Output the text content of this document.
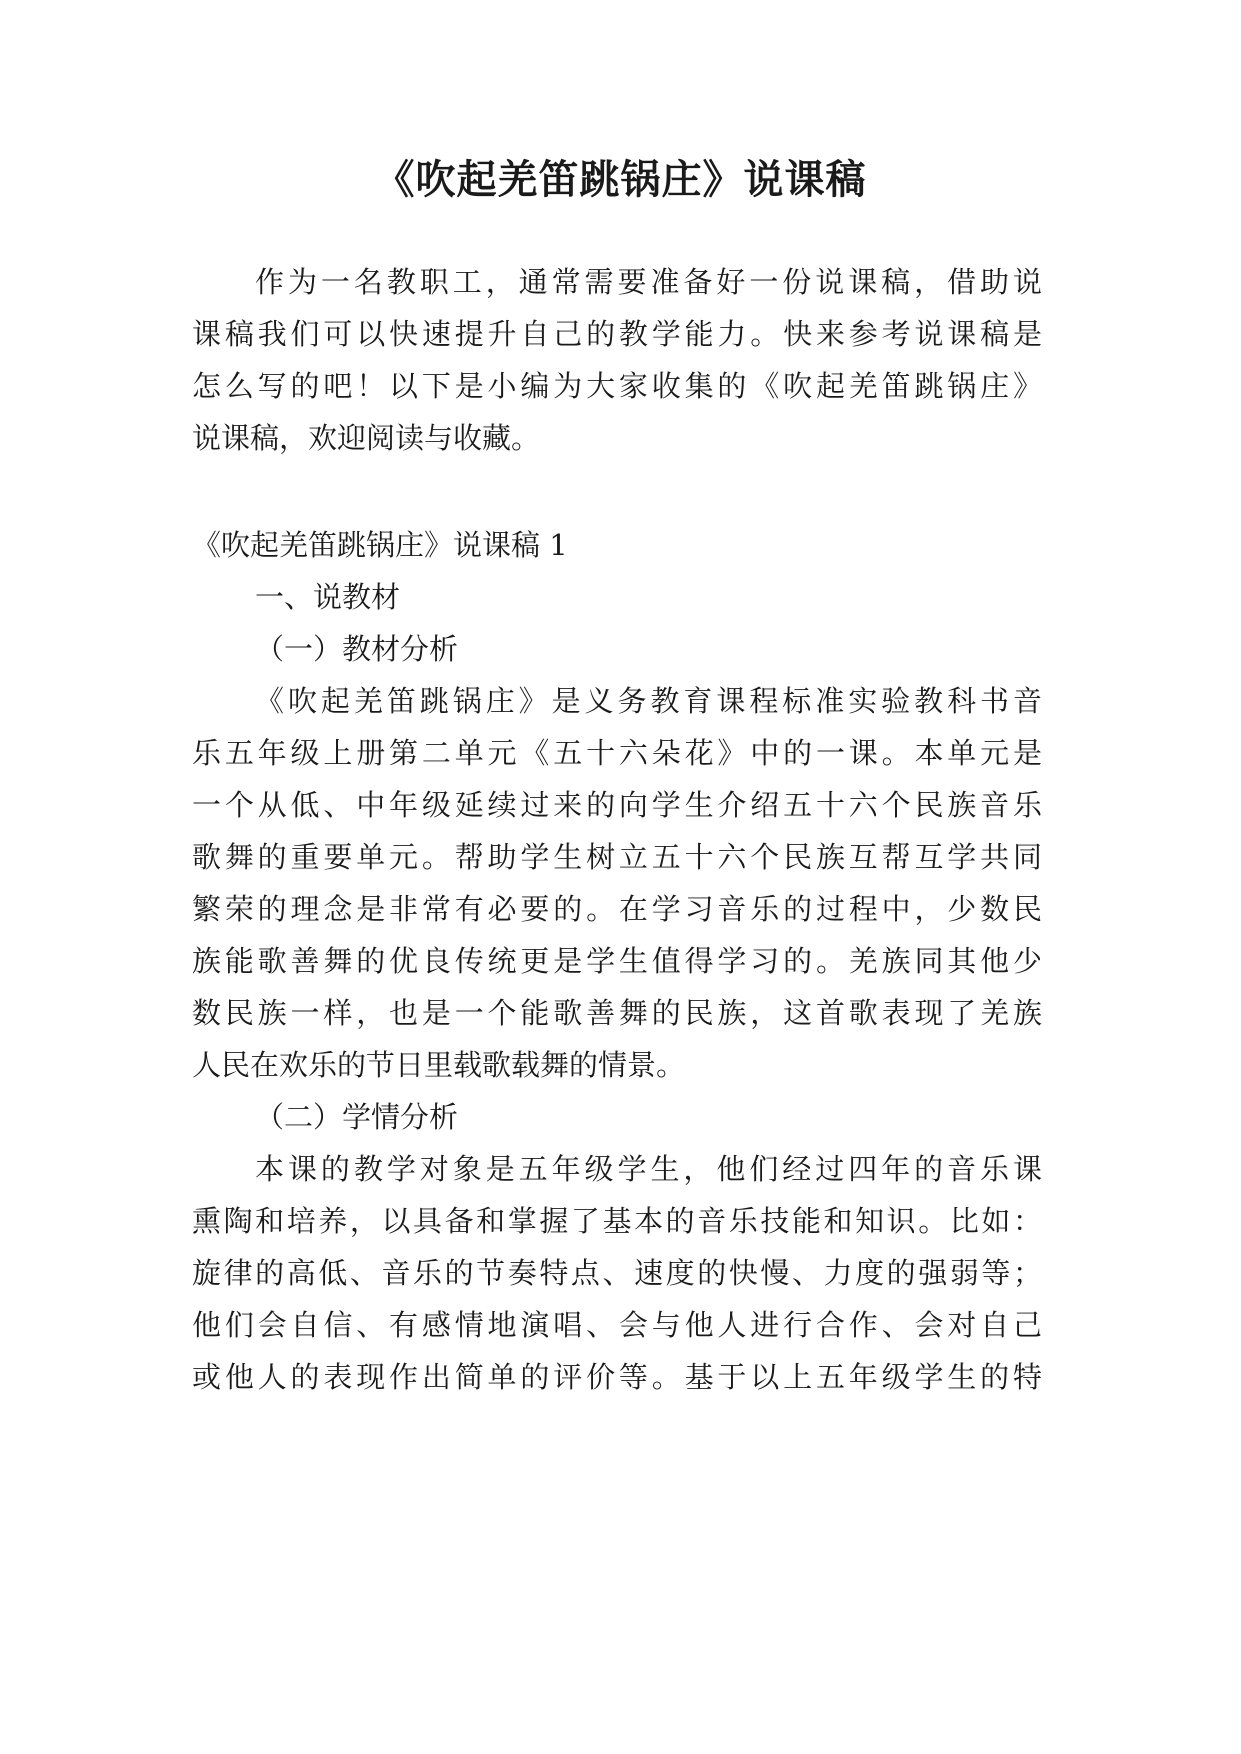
《吹起羌笛跳锅庄》说课稿

作为一名教职工，通常需要准备好一份说课稿，借助说

课稿我们可以快速提升自己的教学能力。快来参考说课稿是

怎么写的吧！以下是小编为大家收集的《吹起羌笛跳锅庄》

说课稿，欢迎阅读与收藏。

《吹起羌笛跳锅庄》说课稿 1

一、说教材

（一）教材分析

《吹起羌笛跳锅庄》是义务教育课程标准实验教科书音

乐五年级上册第二单元《五十六朵花》中的一课。本单元是

一个从低、中年级延续过来的向学生介绍五十六个民族音乐

歌舞的重要单元。帮助学生树立五十六个民族互帮互学共同

繁荣的理念是非常有必要的。在学习音乐的过程中，少数民

族能歌善舞的优良传统更是学生值得学习的。羌族同其他少

数民族一样，也是一个能歌善舞的民族，这首歌表现了羌族

人民在欢乐的节日里载歌载舞的情景。

（二）学情分析

本课的教学对象是五年级学生，他们经过四年的音乐课

熏陶和培养，以具备和掌握了基本的音乐技能和知识。比如：

旋律的高低、音乐的节奏特点、速度的快慢、力度的强弱等；

他们会自信、有感情地演唱、会与他人进行合作、会对自己

或他人的表现作出简单的评价等。基于以上五年级学生的特
